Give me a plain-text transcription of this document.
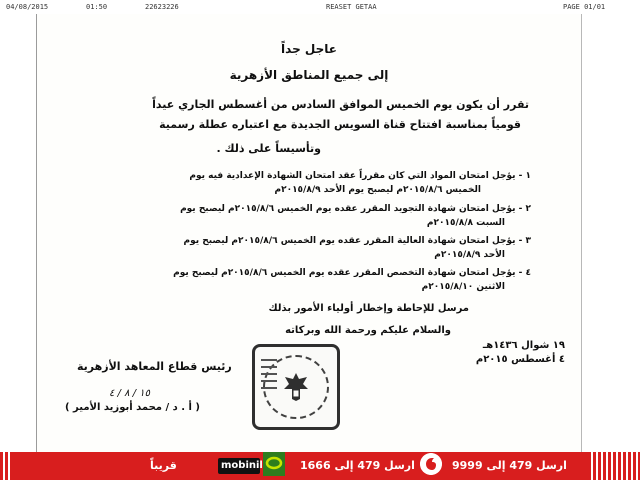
04/08/2015	01:50	22623226	REASET GETAA	PAGE 01/01
عاجل جداً
إلى جميع المناطق الأزهرية
تقرر أن يكون يوم الخميس الموافق السادس من أغسطس الجاري عيداً
قومياً بمناسبة افتتاح قناة السويس الجديدة مع اعتباره عطلة رسمية
وتأسيساً على ذلك .
١ - يؤجل امتحان المواد التي كان مقرراً عقد امتحان الشهادة الإعدادية فيه يوم
الخميس ٢٠١٥/٨/٦م ليصبح يوم الأحد ٢٠١٥/٨/٩م
٢ - يؤجل امتحان شهادة التجويد المقرر عقده يوم الخميس ٢٠١٥/٨/٦م ليصبح يوم
السبت ٢٠١٥/٨/٨م
٣ - يؤجل امتحان شهادة العالية المقرر عقده يوم الخميس ٢٠١٥/٨/٦م ليصبح يوم
الأحد ٢٠١٥/٨/٩م
٤ - يؤجل امتحان شهادة التخصص المقرر عقده يوم الخميس ٢٠١٥/٨/٦م ليصبح يوم
الاثنين ٢٠١٥/٨/١٠م
مرسل للإحاطة وإخطار أولياء الأمور بذلك
والسلام عليكم ورحمة الله وبركاته
١٩ شوال ١٤٣٦هـ
٤ أغسطس ٢٠١٥م
رئيس قطاع المعاهد الأزهرية
١٥ / ٨ / ٤
( أ . د / محمد أبوزيد الأمير )
قريباً	ارسل 479 إلى 1666	ارسل 479 إلى 9999
mobinil
